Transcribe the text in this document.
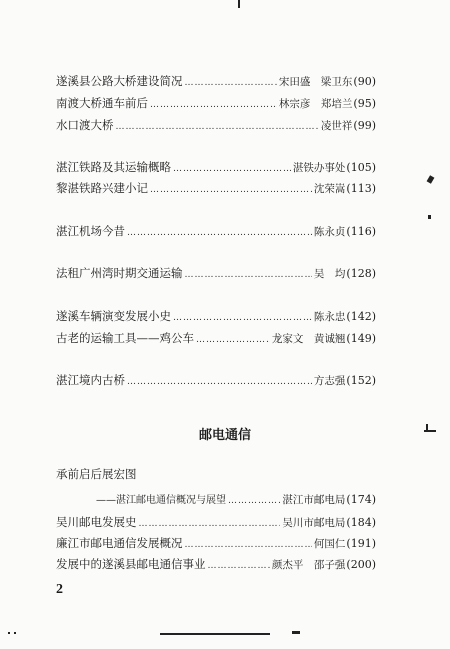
遂溪县公路大桥建设简况 ……………………………………………………………………………………………………………………	宋田盛　梁卫东 (90)
南渡大桥通车前后 ……………………………………………………………………………………………………………………	林宗彦　郑培兰 (95)
水口渡大桥 ……………………………………………………………………………………………………………………	凌世祥 (99)
湛江铁路及其运输概略 ……………………………………………………………………………………………………………………	湛铁办事处 (105)
黎湛铁路兴建小记 ……………………………………………………………………………………………………………………	沈荣嵩 (113)
湛江机场今昔 ……………………………………………………………………………………………………………………	陈永贞 (116)
法租广州湾时期交通运输 ……………………………………………………………………………………………………………………	吴　均 (128)
遂溪车辆演变发展小史 ……………………………………………………………………………………………………………………	陈永忠 (142)
古老的运输工具——鸡公车 ……………………………………………………………………………………………………………………	龙家文　黄诚翘 (149)
湛江境内古桥 ……………………………………………………………………………………………………………………	方志强 (152)
邮电通信
承前启后展宏图
——湛江邮电通信概况与展望 ……………………………………………………………………………………………………………………	湛江市邮电局 (174)
吴川邮电发展史 ……………………………………………………………………………………………………………………	吴川市邮电局 (184)
廉江市邮电通信发展概况 ……………………………………………………………………………………………………………………	何国仁 (191)
发展中的遂溪县邮电通信事业 ……………………………………………………………………………………………………………………	颜杰平　邵子强 (200)
2
